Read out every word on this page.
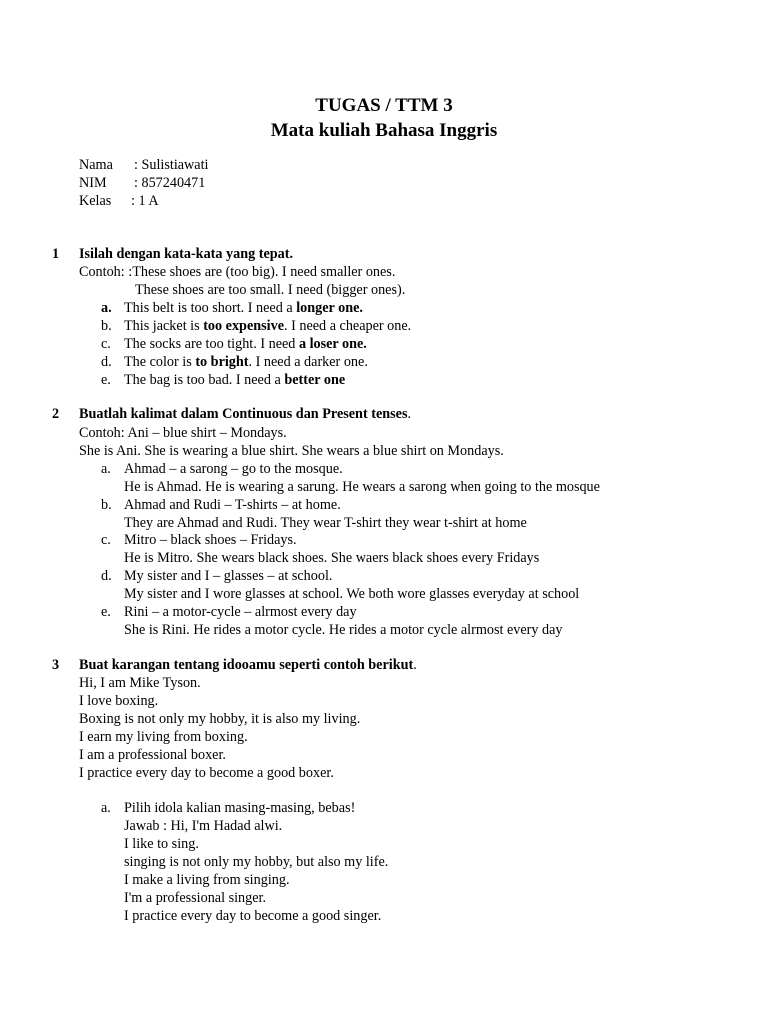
TUGAS / TTM 3
Mata kuliah Bahasa Inggris
Nama : Sulistiawati
NIM : 857240471
Kelas : 1 A
1 Isilah dengan kata-kata yang tepat.
Contoh: :These shoes are (too big). I need smaller ones.
These shoes are too small. I need (bigger ones).
a. This belt is too short. I need a longer one.
b. This jacket is too expensive. I need a cheaper one.
c. The socks are too tight. I need a loser one.
d. The color is to bright. I need a darker one.
e. The bag is too bad. I need a better one
2 Buatlah kalimat dalam Continuous dan Present tenses.
Contoh: Ani – blue shirt – Mondays.
She is Ani. She is wearing a blue shirt. She wears a blue shirt on Mondays.
a. Ahmad – a sarong – go to the mosque.
He is Ahmad. He is wearing a sarung. He wears a sarong when going to the mosque
b. Ahmad and Rudi – T-shirts – at home.
They are Ahmad and Rudi. They wear T-shirt they wear t-shirt at home
c. Mitro – black shoes – Fridays.
He is Mitro. She wears black shoes. She waers black shoes every Fridays
d. My sister and I – glasses – at school.
My sister and I wore glasses at school. We both wore glasses everyday at school
e. Rini – a motor-cycle – alrmost every day
She is Rini. He rides a motor cycle. He rides a motor cycle alrmost every day
3 Buat karangan tentang idooamu seperti contoh berikut.
Hi, I am Mike Tyson.
I love boxing.
Boxing is not only my hobby, it is also my living.
I earn my living from boxing.
I am a professional boxer.
I practice every day to become a good boxer.
a. Pilih idola kalian masing-masing, bebas!
Jawab : Hi, I'm Hadad alwi.
I like to sing.
singing is not only my hobby, but also my life.
I make a living from singing.
I'm a professional singer.
I practice every day to become a good singer.
